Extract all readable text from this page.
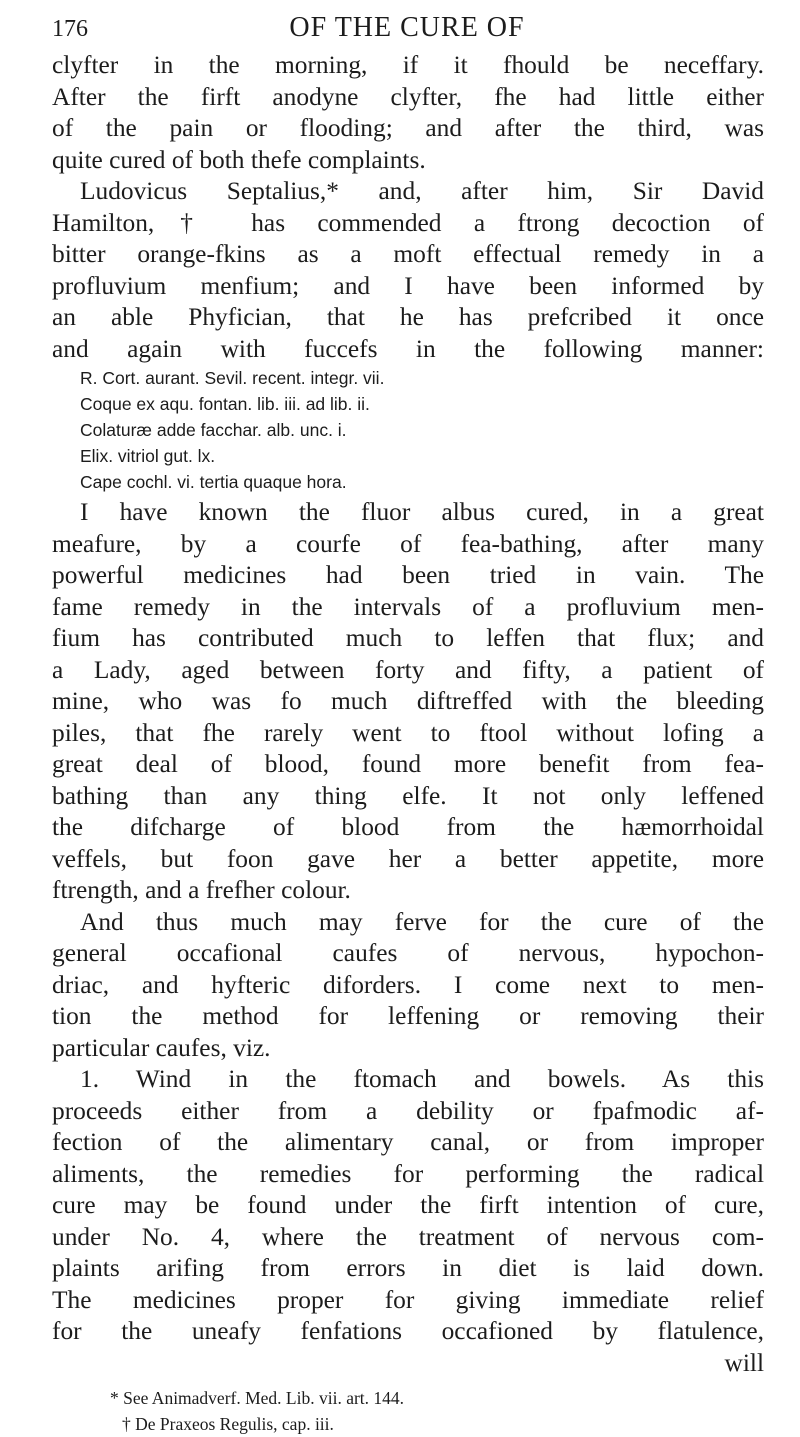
176	OF THE CURE OF
clyfter in the morning, if it fhould be neceffary.
After the firft anodyne clyfter, fhe had little either
of the pain or flooding; and after the third, was
quite cured of both thefe complaints.
Ludovicus Septalius,* and, after him, Sir David
Hamilton,† has commended a ftrong decoction of
bitter orange-fkins as a moft effectual remedy in a
profluvium menfium; and I have been informed by
an able Phyfician, that he has prefcribed it once
and again with fuccefs in the following manner:
R. Cort. aurant. Sevil. recent. integr. vii.
Coque ex aqu. fontan. lib. iii. ad lib. ii.
Colaturæ adde facchar. alb. unc. i.
Elix. vitriol gut. lx.
Cape cochl. vi. tertia quaque hora.
I have known the fluor albus cured, in a great
meafure, by a courfe of fea-bathing, after many
powerful medicines had been tried in vain. The
fame remedy in the intervals of a profluvium men-
fium has contributed much to leffen that flux; and
a Lady, aged between forty and fifty, a patient of
mine, who was fo much diftreffed with the bleeding
piles, that fhe rarely went to ftool without lofing a
great deal of blood, found more benefit from fea-
bathing than any thing elfe. It not only leffened
the difcharge of blood from the hæmorrhoidal
veffels, but foon gave her a better appetite, more
ftrength, and a frefher colour.
And thus much may ferve for the cure of the
general occafional caufes of nervous, hypochon-
driac, and hyfteric diforders. I come next to men-
tion the method for leffening or removing their
particular caufes, viz.
1. Wind in the ftomach and bowels. As this
proceeds either from a debility or fpafmodic af-
fection of the alimentary canal, or from improper
aliments, the remedies for performing the radical
cure may be found under the firft intention of cure,
under No. 4, where the treatment of nervous com-
plaints arifing from errors in diet is laid down.
The medicines proper for giving immediate relief
for the uneafy fenfations occafioned by flatulence,
will
* See Animadverf. Med. Lib. vii. art. 144.
† De Praxeos Regulis, cap. iii.
